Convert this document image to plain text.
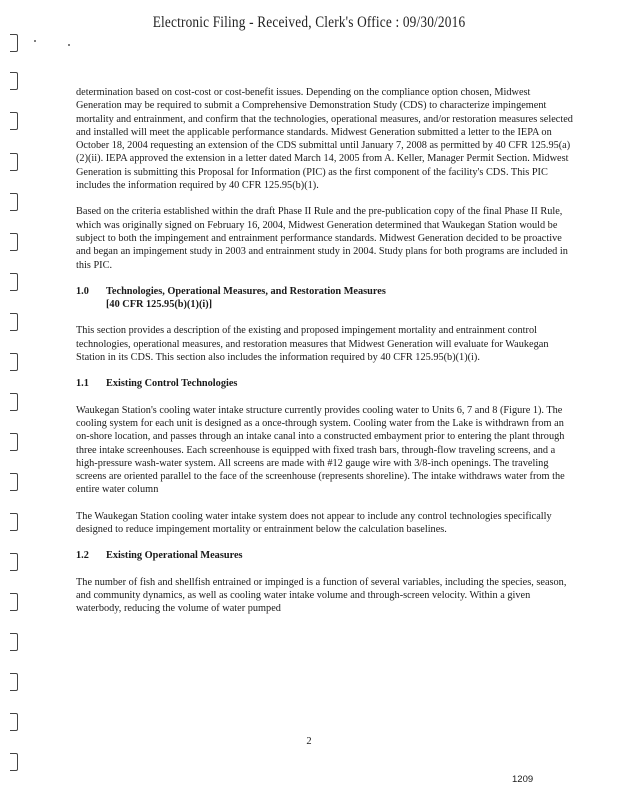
Electronic Filing - Received, Clerk's Office : 09/30/2016

determination based on cost-cost or cost-benefit issues. Depending on the compliance option chosen, Midwest Generation may be required to submit a Comprehensive Demonstration Study (CDS) to characterize impingement mortality and entrainment, and confirm that the technologies, operational measures, and/or restoration measures selected and installed will meet the applicable performance standards. Midwest Generation submitted a letter to the IEPA on October 18, 2004 requesting an extension of the CDS submittal until January 7, 2008 as permitted by 40 CFR 125.95(a)(2)(ii). IEPA approved the extension in a letter dated March 14, 2005 from A. Keller, Manager Permit Section. Midwest Generation is submitting this Proposal for Information (PIC) as the first component of the facility's CDS. This PIC includes the information required by 40 CFR 125.95(b)(1).

Based on the criteria established within the draft Phase II Rule and the pre-publication copy of the final Phase II Rule, which was originally signed on February 16, 2004, Midwest Generation determined that Waukegan Station would be subject to both the impingement and entrainment performance standards. Midwest Generation decided to be proactive and began an impingement study in 2003 and entrainment study in 2004. Study plans for both programs are included in this PIC.

1.0	Technologies, Operational Measures, and Restoration Measures
[40 CFR 125.95(b)(1)(i)]

This section provides a description of the existing and proposed impingement mortality and entrainment control technologies, operational measures, and restoration measures that Midwest Generation will evaluate for Waukegan Station in its CDS. This section also includes the information required by 40 CFR 125.95(b)(1)(i).

1.1	Existing Control Technologies

Waukegan Station's cooling water intake structure currently provides cooling water to Units 6, 7 and 8 (Figure 1). The cooling system for each unit is designed as a once-through system. Cooling water from the Lake is withdrawn from an on-shore location, and passes through an intake canal into a constructed embayment prior to entering the plant through three intake screenhouses. Each screenhouse is equipped with fixed trash bars, through-flow traveling screens, and a high-pressure wash-water system. All screens are made with #12 gauge wire with 3/8-inch openings. The traveling screens are oriented parallel to the face of the screenhouse (represents shoreline). The intake withdraws water from the entire water column

The Waukegan Station cooling water intake system does not appear to include any control technologies specifically designed to reduce impingement mortality or entrainment below the calculation baselines.

1.2	Existing Operational Measures

The number of fish and shellfish entrained or impinged is a function of several variables, including the species, season, and community dynamics, as well as cooling water intake volume and through-screen velocity. Within a given waterbody, reducing the volume of water pumped

2
1209
